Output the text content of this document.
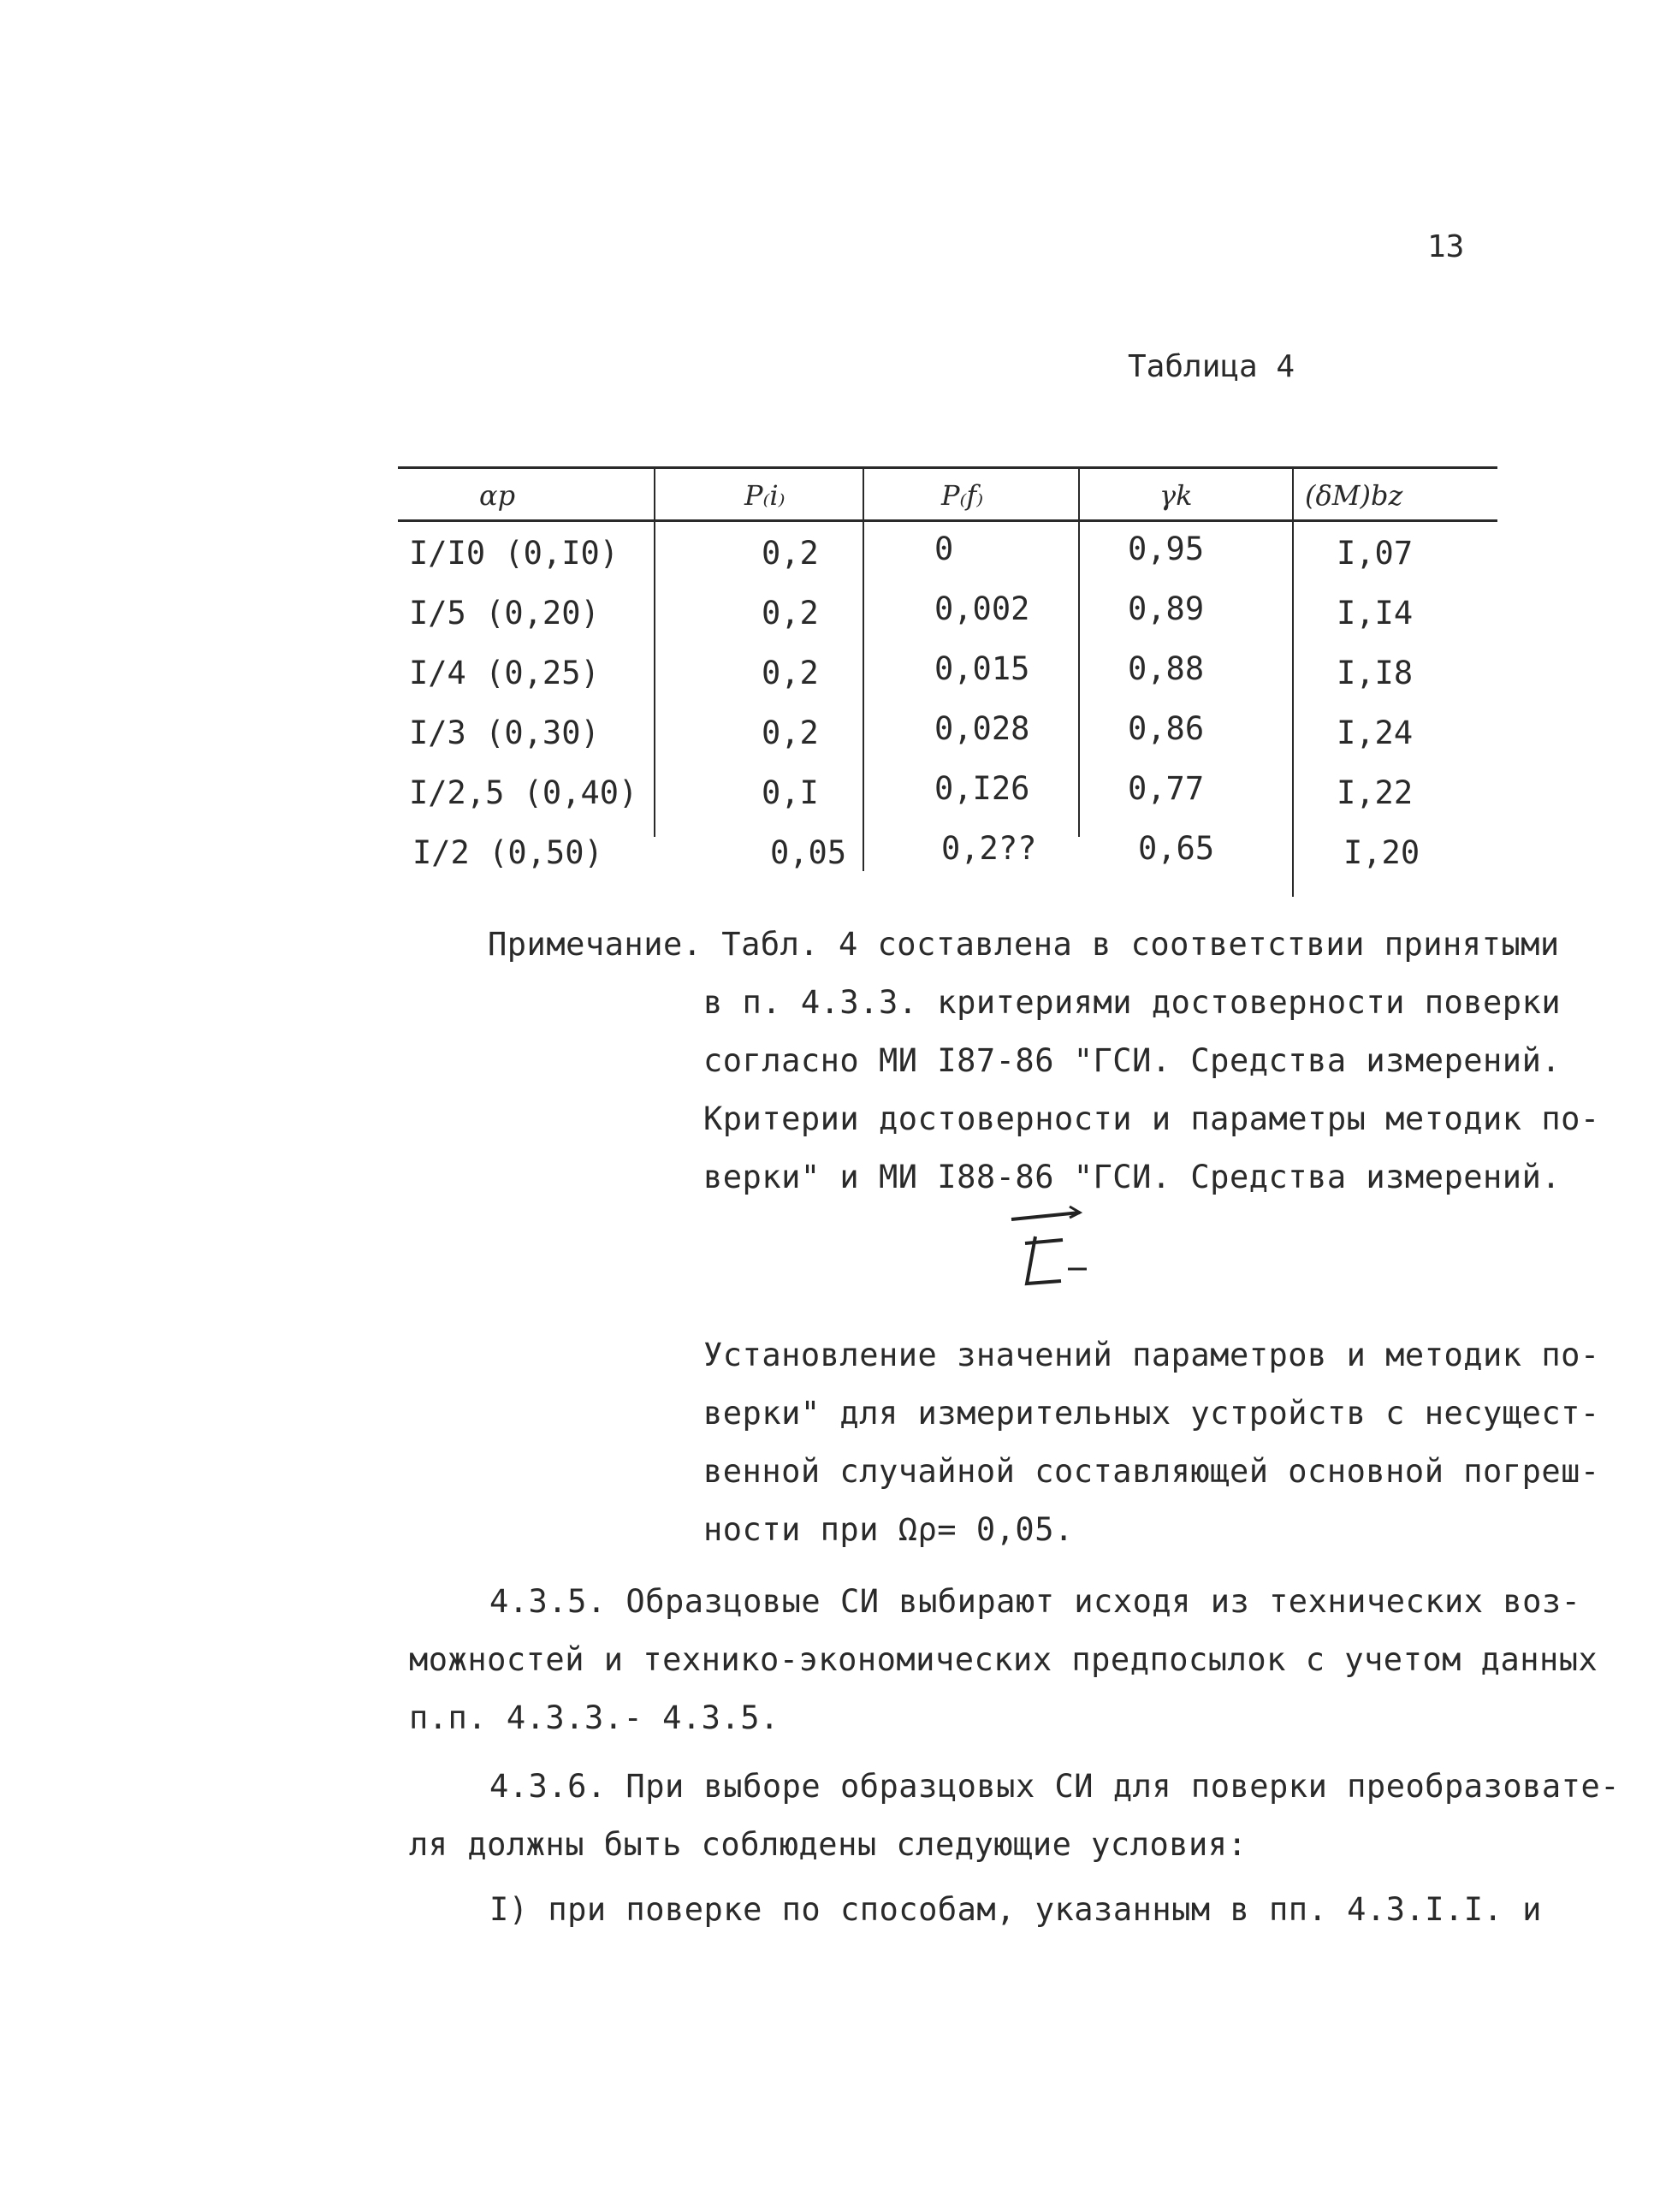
13
Таблица 4
αp	P₍i₎	P₍f₎	γk	(δM)bz
I/I0 (0,I0)	0,2	0	0,95	I,07
I/5 (0,20)	0,2	0,002	0,89	I,I4
I/4 (0,25)	0,2	0,015	0,88	I,I8
I/3 (0,30)	0,2	0,028	0,86	I,24
I/2,5 (0,40)	0,I	0,I26	0,77	I,22
I/2 (0,50)	0,05	0,2??	0,65	I,20
Примечание. Табл. 4 составлена в соответствии принятыми
в п. 4.3.3. критериями достоверности поверки
согласно МИ I87-86 "ГСИ. Средства измерений.
Критерии достоверности и параметры методик по-
верки" и МИ I88-86 "ГСИ. Средства измерений.
Установление значений параметров и методик по-
верки" для измерительных устройств с несущест-
венной случайной составляющей основной погреш-
ности при Ωρ= 0,05.
4.3.5. Образцовые СИ выбирают исходя из технических воз-
можностей и технико-экономических предпосылок с учетом данных
п.п. 4.3.3.- 4.3.5.
4.3.6. При выборе образцовых СИ для поверки преобразовате-
ля должны быть соблюдены следующие условия:
I) при поверке по способам, указанным в пп. 4.3.I.I. и
